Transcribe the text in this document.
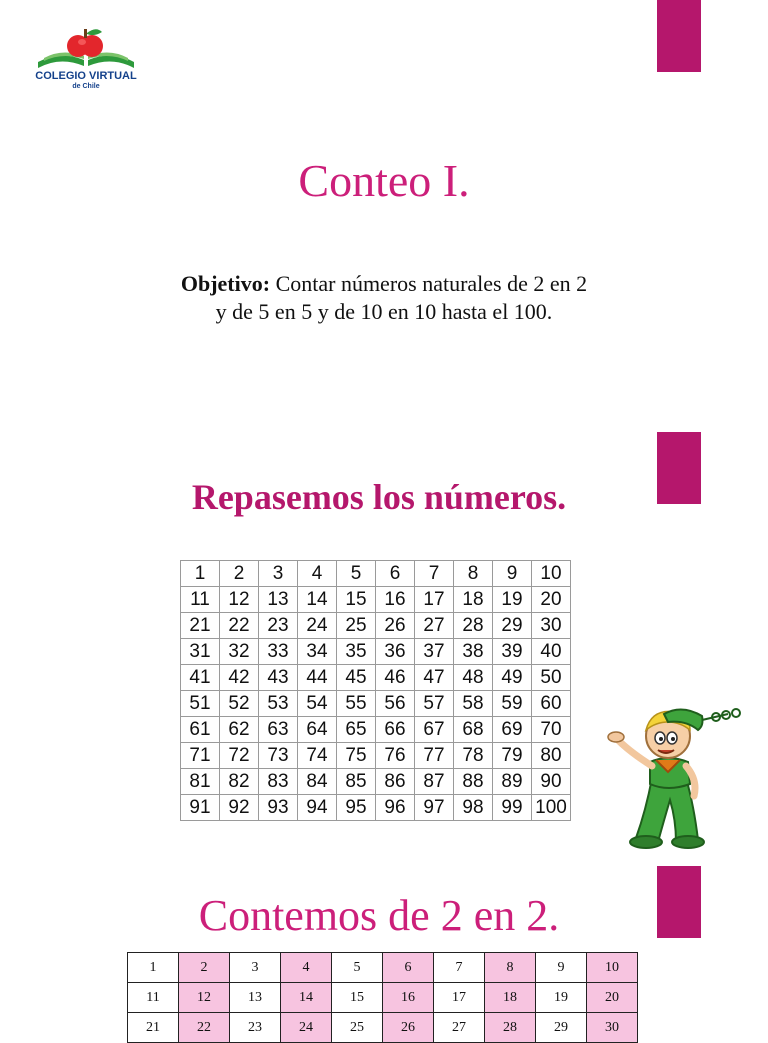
COLEGIO VIRTUAL
de Chile
Conteo I.
Objetivo: Contar números naturales de 2 en 2
y de 5 en 5 y de 10 en 10 hasta el 100.
Repasemos los números.
1	2	3	4	5	6	7	8	9	10
11	12	13	14	15	16	17	18	19	20
21	22	23	24	25	26	27	28	29	30
31	32	33	34	35	36	37	38	39	40
41	42	43	44	45	46	47	48	49	50
51	52	53	54	55	56	57	58	59	60
61	62	63	64	65	66	67	68	69	70
71	72	73	74	75	76	77	78	79	80
81	82	83	84	85	86	87	88	89	90
91	92	93	94	95	96	97	98	99	100
Contemos de 2 en 2.
1	2	3	4	5	6	7	8	9	10
11	12	13	14	15	16	17	18	19	20
21	22	23	24	25	26	27	28	29	30
